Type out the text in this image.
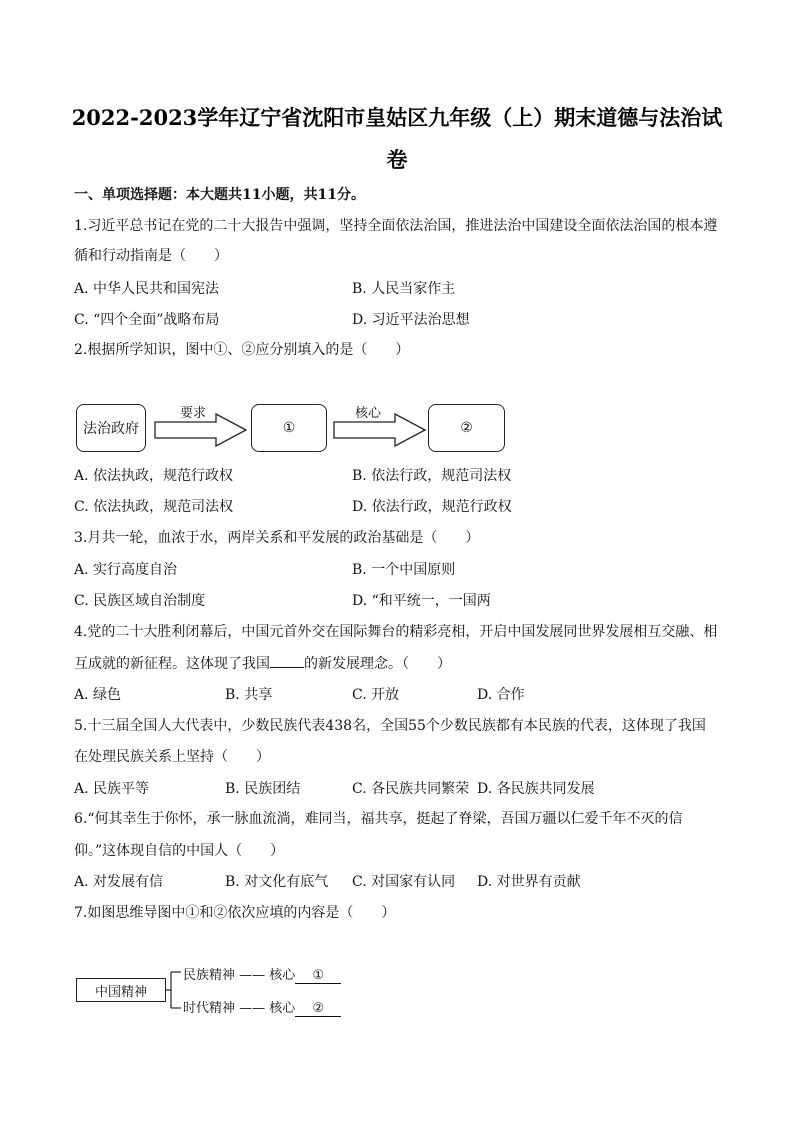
2022-2023学年辽宁省沈阳市皇姑区九年级（上）期末道德与法治试
卷
一、单项选择题：本大题共11小题，共11分。
1.习近平总书记在党的二十大报告中强调，坚持全面依法治国，推进法治中国建设全面依法治国的根本遵
循和行动指南是（　　）
A. 中华人民共和国宪法	B. 人民当家作主
C. “四个全面”战略布局	D. 习近平法治思想
2.根据所学知识，图中①、②应分别填入的是（　　）
法治政府
要求
①
核心
②
A. 依法执政，规范行政权	B. 依法行政，规范司法权
C. 依法执政，规范司法权	D. 依法行政，规范行政权
3.月共一轮，血浓于水，两岸关系和平发展的政治基础是（　　）
A. 实行高度自治	B. 一个中国原则
C. 民族区域自治制度	D. “和平统一，一国两
4.党的二十大胜利闭幕后，中国元首外交在国际舞台的精彩亮相，开启中国发展同世界发展相互交融、相
互成就的新征程。这体现了我国 的新发展理念。（　　）
A. 绿色	B. 共享	C. 开放	D. 合作
5.十三届全国人大代表中，少数民族代表438名，全国55个少数民族都有本民族的代表，这体现了我国
在处理民族关系上坚持（　　）
A. 民族平等	B. 民族团结	C. 各民族共同繁荣 D. 各民族共同发展
6.“何其幸生于你怀，承一脉血流淌，难同当，福共享，挺起了脊梁，吾国万疆以仁爱千年不灭的信
仰。”这体现自信的中国人（　　）
A. 对发展有信	B. 对文化有底气 C. 对国家有认同 D. 对世界有贡献
7.如图思维导图中①和②依次应填的内容是（　　）
中国精神
民族精神 —— 核心 ①
时代精神 —— 核心 ②
